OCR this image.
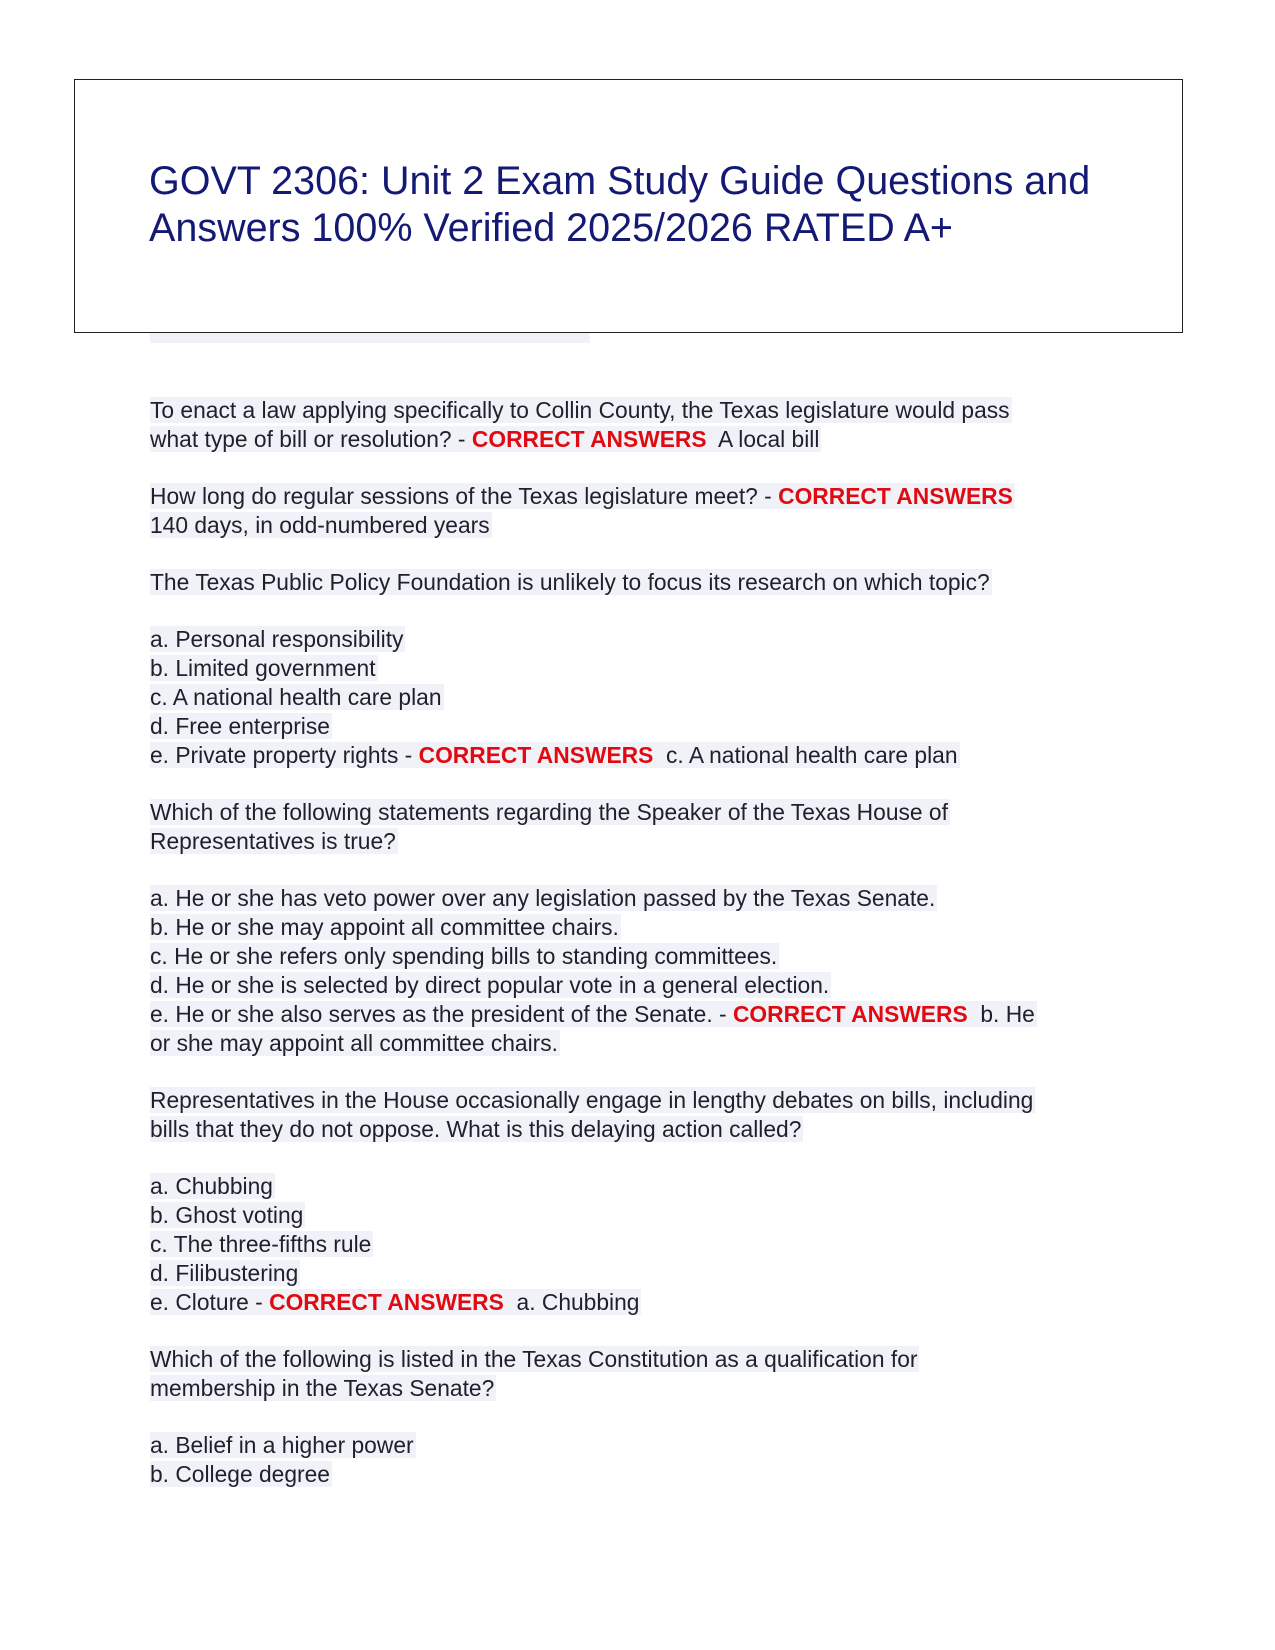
GOVT 2306: Unit 2 Exam Study Guide Questions and Answers 100% Verified 2025/2026 RATED A+
To enact a law applying specifically to Collin County, the Texas legislature would pass
what type of bill or resolution? - CORRECT ANSWERS A local bill
How long do regular sessions of the Texas legislature meet? - CORRECT ANSWERS
140 days, in odd-numbered years
The Texas Public Policy Foundation is unlikely to focus its research on which topic?
a. Personal responsibility
b. Limited government
c. A national health care plan
d. Free enterprise
e. Private property rights - CORRECT ANSWERS c. A national health care plan
Which of the following statements regarding the Speaker of the Texas House of
Representatives is true?
a. He or she has veto power over any legislation passed by the Texas Senate.
b. He or she may appoint all committee chairs.
c. He or she refers only spending bills to standing committees.
d. He or she is selected by direct popular vote in a general election.
e. He or she also serves as the president of the Senate. - CORRECT ANSWERS b. He
or she may appoint all committee chairs.
Representatives in the House occasionally engage in lengthy debates on bills, including
bills that they do not oppose. What is this delaying action called?
a. Chubbing
b. Ghost voting
c. The three-fifths rule
d. Filibustering
e. Cloture - CORRECT ANSWERS a. Chubbing
Which of the following is listed in the Texas Constitution as a qualification for
membership in the Texas Senate?
a. Belief in a higher power
b. College degree
